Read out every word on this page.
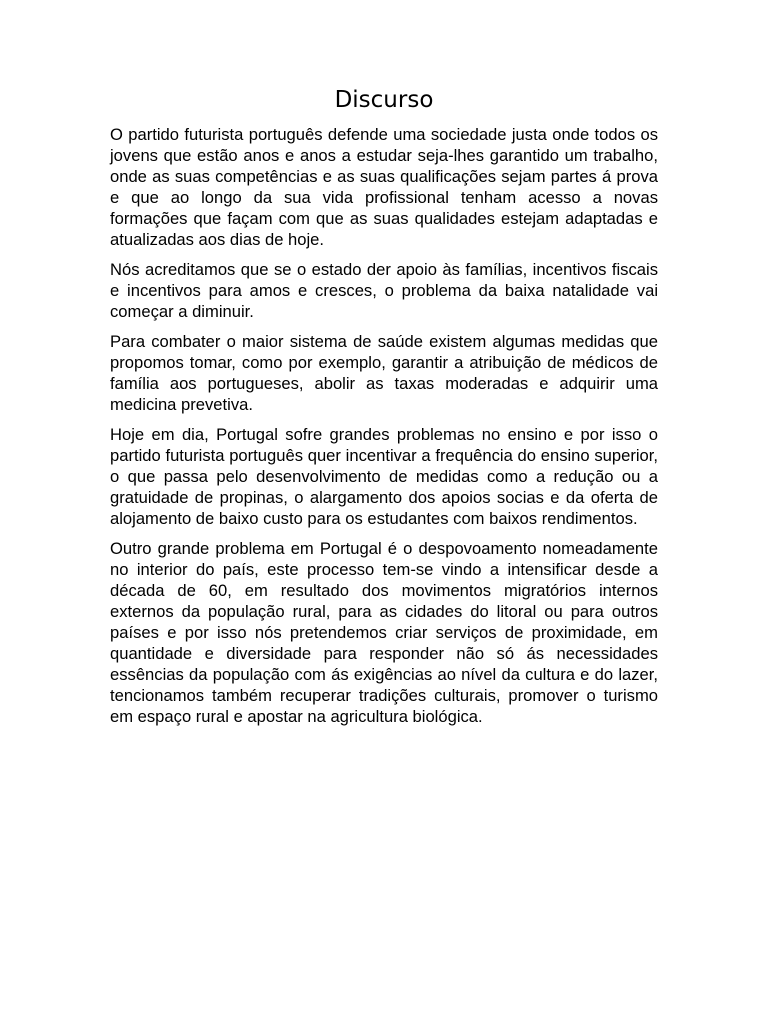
Discurso

O partido futurista português defende uma sociedade justa onde todos os jovens que estão anos e anos a estudar seja-lhes garantido um trabalho, onde as suas competências e as suas qualificações sejam partes á prova e que ao longo da sua vida profissional tenham acesso a novas formações que façam com que as suas qualidades estejam adaptadas e atualizadas aos dias de hoje.

Nós acreditamos que se o estado der apoio às famílias, incentivos fiscais e incentivos para amos e cresces, o problema da baixa natalidade vai começar a diminuir.

Para combater o maior sistema de saúde existem algumas medidas que propomos tomar, como por exemplo, garantir a atribuição de médicos de família aos portugueses, abolir as taxas moderadas e adquirir uma medicina prevetiva.

Hoje em dia, Portugal sofre grandes problemas no ensino e por isso o partido futurista português quer incentivar a frequência do ensino superior, o que passa pelo desenvolvimento de medidas como a redução ou a gratuidade de propinas, o alargamento dos apoios socias e da oferta de alojamento de baixo custo para os estudantes com baixos rendimentos.

Outro grande problema em Portugal é o despovoamento nomeadamente no interior do país, este processo tem-se vindo a intensificar desde a década de 60, em resultado dos movimentos migratórios internos externos da população rural, para as cidades do litoral ou para outros países e por isso nós pretendemos criar serviços de proximidade, em quantidade e diversidade para responder não só ás necessidades essências da população com ás exigências ao nível da cultura e do lazer, tencionamos também recuperar tradições culturais, promover o turismo em espaço rural e apostar na agricultura biológica.
